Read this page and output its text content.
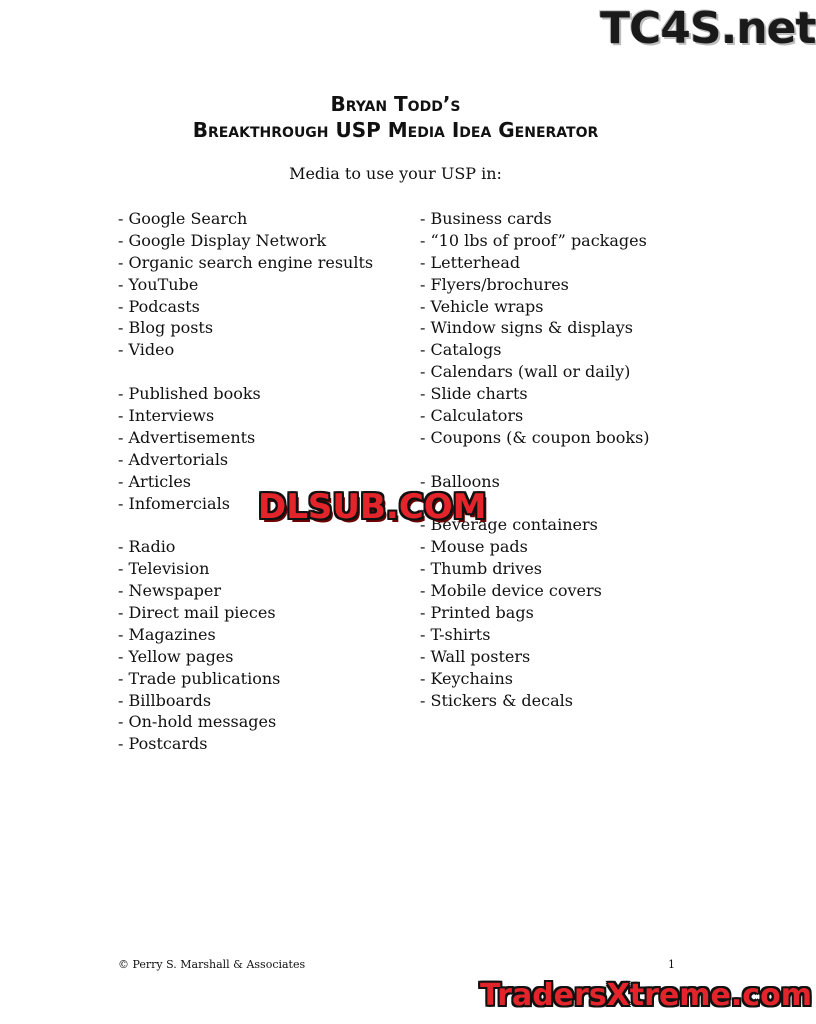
TC4S.net
Bryan Todd’s
Breakthrough USP Media Idea Generator
Media to use your USP in:
- Google Search
- Google Display Network
- Organic search engine results
- YouTube
- Podcasts
- Blog posts
- Video
- Published books
- Interviews
- Advertisements
- Advertorials
- Articles
- Infomercials
- Radio
- Television
- Newspaper
- Direct mail pieces
- Magazines
- Yellow pages
- Trade publications
- Billboards
- On-hold messages
- Postcards
- Business cards
- “10 lbs of proof” packages
- Letterhead
- Flyers/brochures
- Vehicle wraps
- Window signs & displays
- Catalogs
- Calendars (wall or daily)
- Slide charts
- Calculators
- Coupons (& coupon books)
- Balloons
- Beverage containers
- Mouse pads
- Thumb drives
- Mobile device covers
- Printed bags
- T-shirts
- Wall posters
- Keychains
- Stickers & decals
DLSUB.COM
© Perry S. Marshall & Associates	1
TradersXtreme.com
